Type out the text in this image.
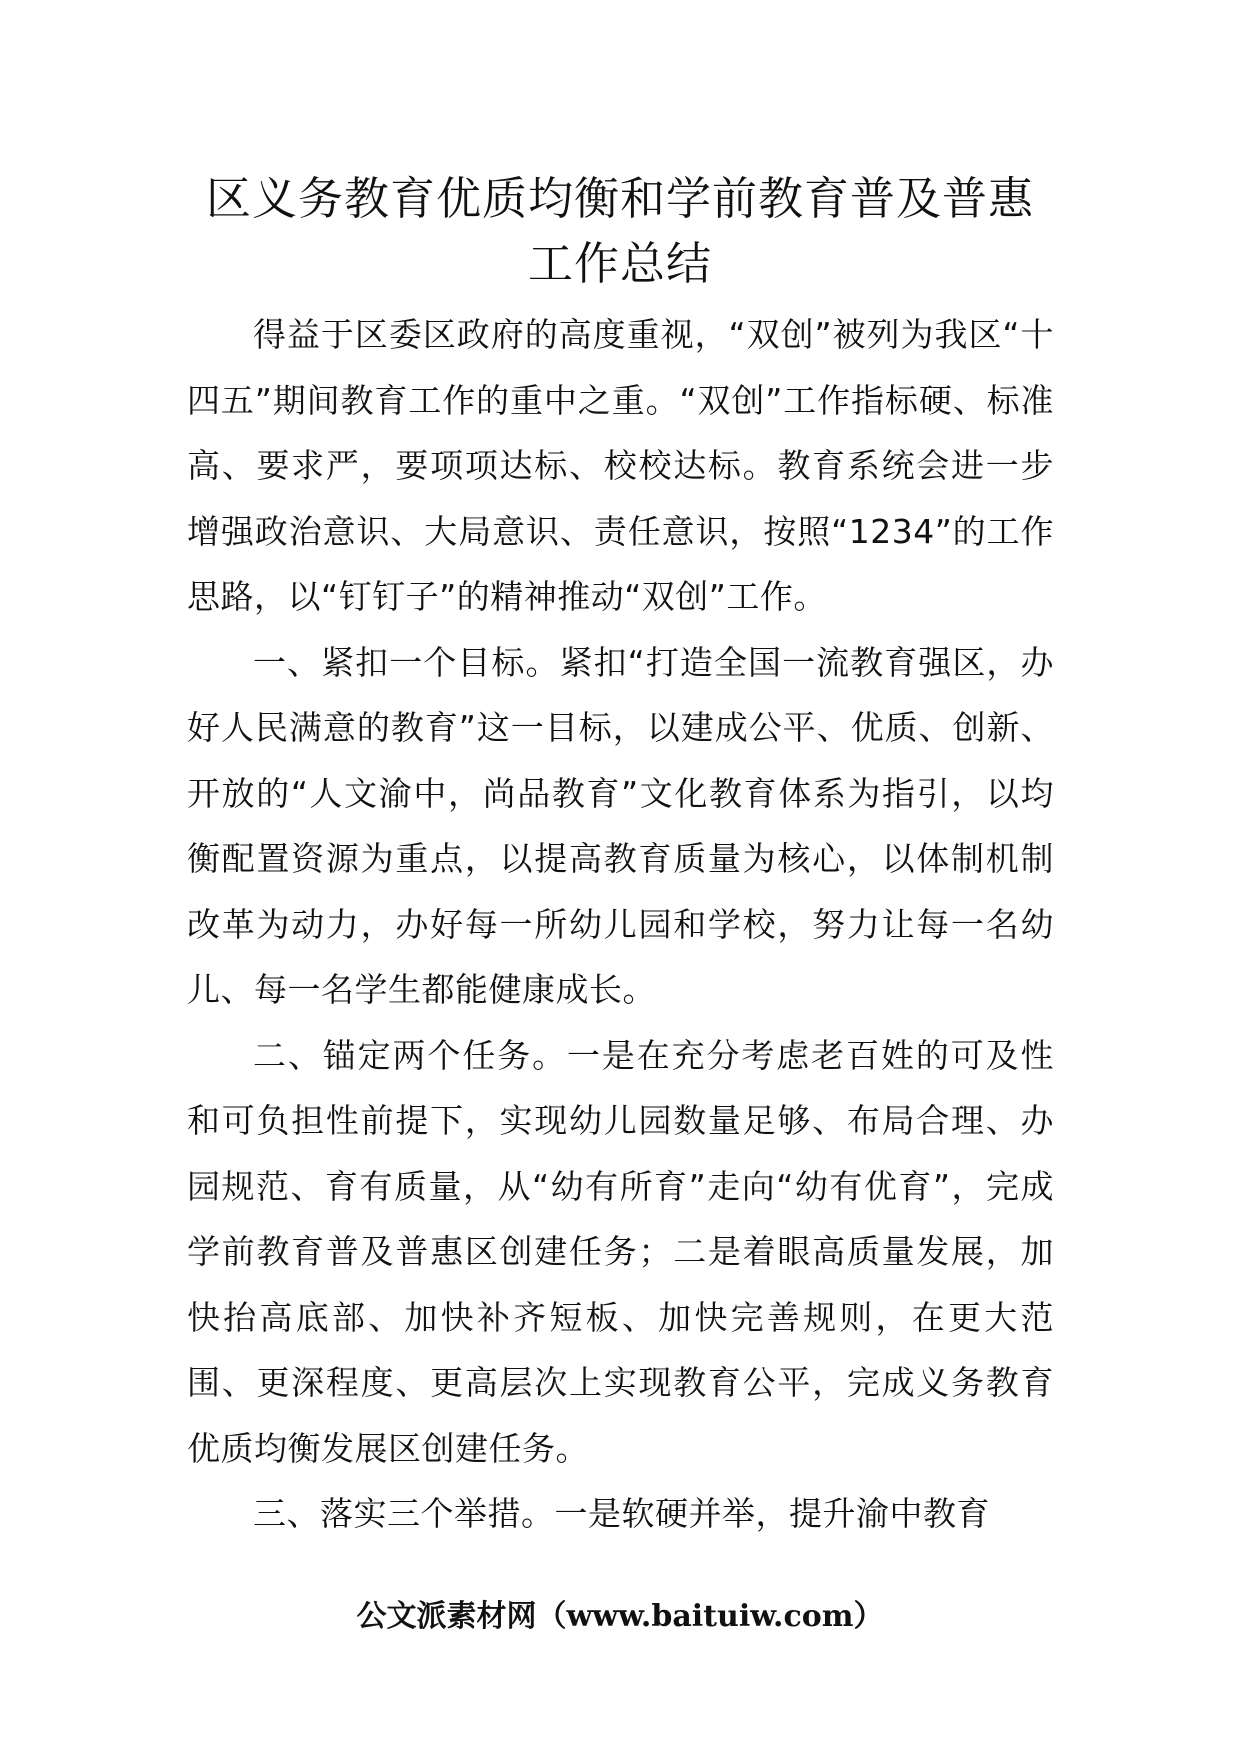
区义务教育优质均衡和学前教育普及普惠
工作总结

得益于区委区政府的高度重视，“双创”被列为我区“十四五”期间教育工作的重中之重。“双创”工作指标硬、标准高、要求严，要项项达标、校校达标。教育系统会进一步增强政治意识、大局意识、责任意识，按照“1234”的工作思路，以“钉钉子”的精神推动“双创”工作。

一、紧扣一个目标。紧扣“打造全国一流教育强区，办好人民满意的教育”这一目标，以建成公平、优质、创新、开放的“人文渝中，尚品教育”文化教育体系为指引，以均衡配置资源为重点，以提高教育质量为核心，以体制机制改革为动力，办好每一所幼儿园和学校，努力让每一名幼儿、每一名学生都能健康成长。

二、锚定两个任务。一是在充分考虑老百姓的可及性和可负担性前提下，实现幼儿园数量足够、布局合理、办园规范、育有质量，从“幼有所育”走向“幼有优育”，完成学前教育普及普惠区创建任务；二是着眼高质量发展，加快抬高底部、加快补齐短板、加快完善规则，在更大范围、更深程度、更高层次上实现教育公平，完成义务教育优质均衡发展区创建任务。

三、落实三个举措。一是软硬并举，提升渝中教育

公文派素材网（www.baituiw.com）
